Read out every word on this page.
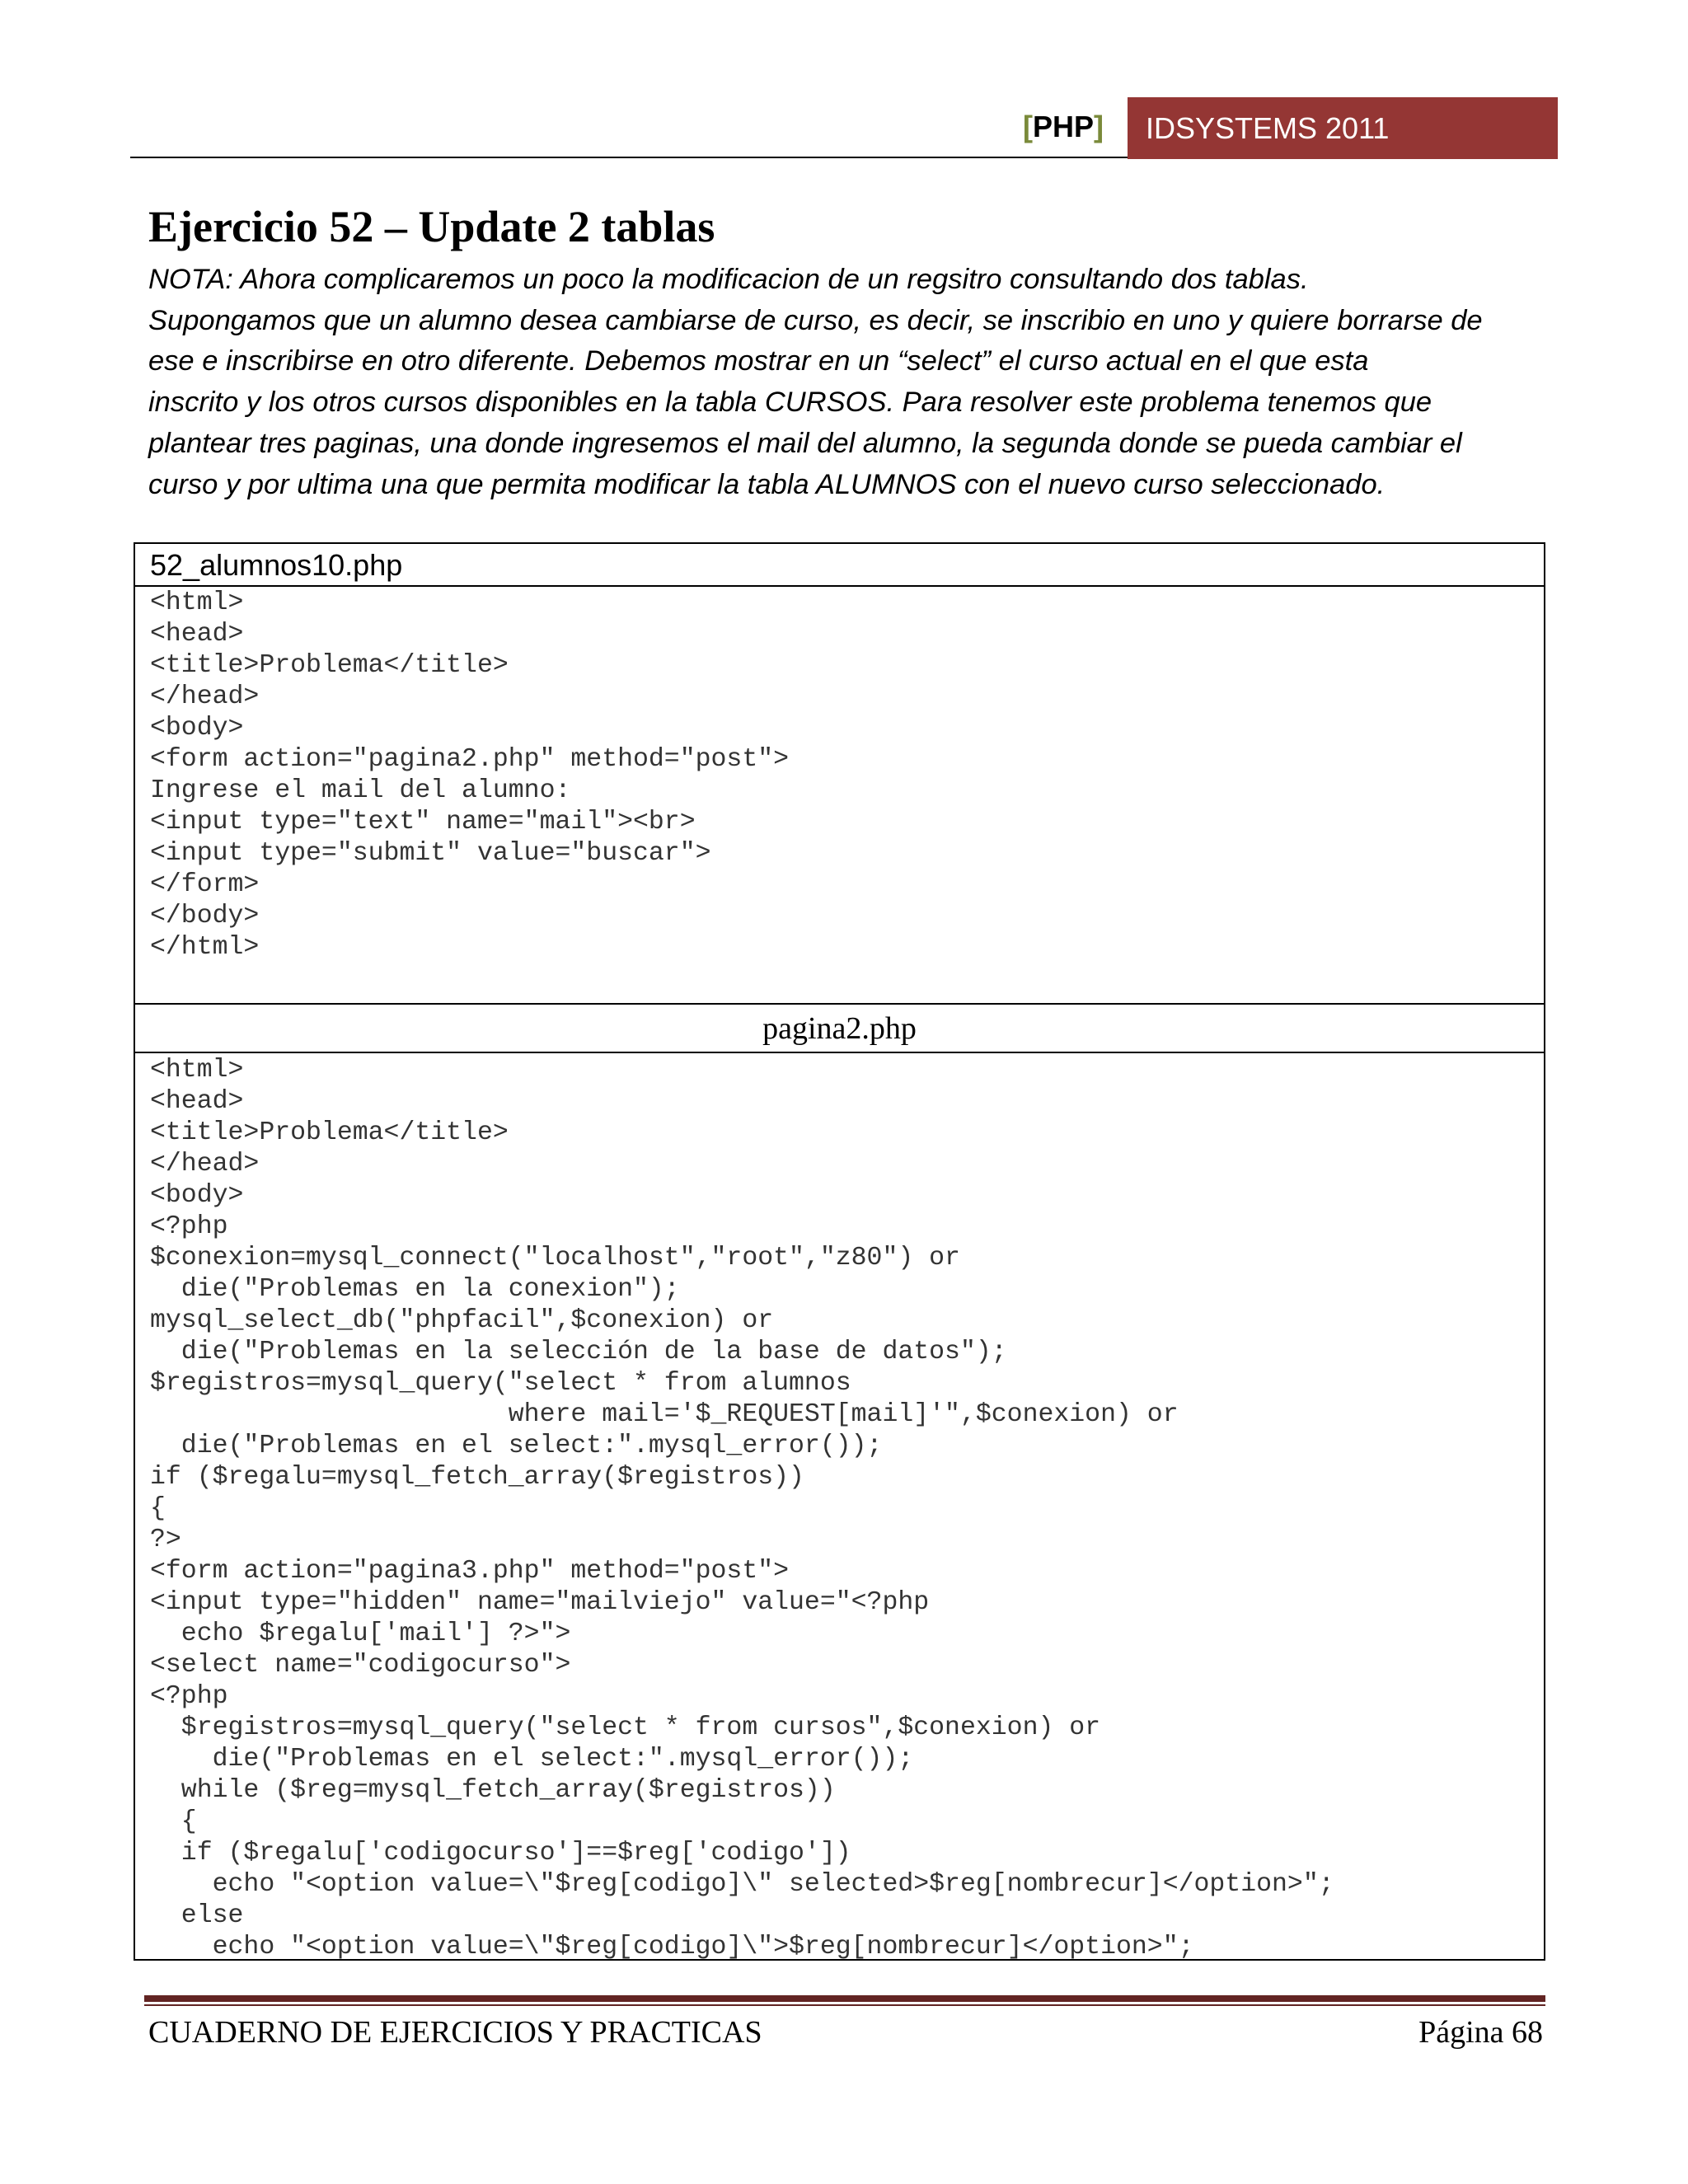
[ PHP ] IDSYSTEMS 2011
Ejercicio 52 – Update 2 tablas
NOTA: Ahora complicaremos un poco la modificacion de un regsitro consultando dos tablas.
Supongamos que un alumno desea cambiarse de curso, es decir, se inscribio en uno y quiere borrarse de
ese e inscribirse en otro diferente. Debemos mostrar en un “select” el curso actual en el que esta
inscrito y los otros cursos disponibles en la tabla CURSOS. Para resolver este problema tenemos que
plantear tres paginas, una donde ingresemos el mail del alumno, la segunda donde se pueda cambiar el
curso y por ultima una que permita modificar la tabla ALUMNOS con el nuevo curso seleccionado.
52_alumnos10.php
<html>
<head>
<title>Problema</title>
</head>
<body>
<form action="pagina2.php" method="post">
Ingrese el mail del alumno:
<input type="text" name="mail"><br>
<input type="submit" value="buscar">
</form>
</body>
</html>
pagina2.php
<html>
<head>
<title>Problema</title>
</head>
<body>
<?php
$conexion=mysql_connect("localhost","root","z80") or
die("Problemas en la conexion");
mysql_select_db("phpfacil",$conexion) or
die("Problemas en la selección de la base de datos");
$registros=mysql_query("select * from alumnos
where mail='$_REQUEST[mail]'",$conexion) or
die("Problemas en el select:".mysql_error());
if ($regalu=mysql_fetch_array($registros))
{
?>
<form action="pagina3.php" method="post">
<input type="hidden" name="mailviejo" value="<?php
echo $regalu['mail'] ?>">
<select name="codigocurso">
<?php
$registros=mysql_query("select * from cursos",$conexion) or
die("Problemas en el select:".mysql_error());
while ($reg=mysql_fetch_array($registros))
{
if ($regalu['codigocurso']==$reg['codigo'])
echo "<option value=\"$reg[codigo]\" selected>$reg[nombrecur]</option>";
else
echo "<option value=\"$reg[codigo]\">$reg[nombrecur]</option>";
CUADERNO DE EJERCICIOS Y PRACTICAS	Página 68
